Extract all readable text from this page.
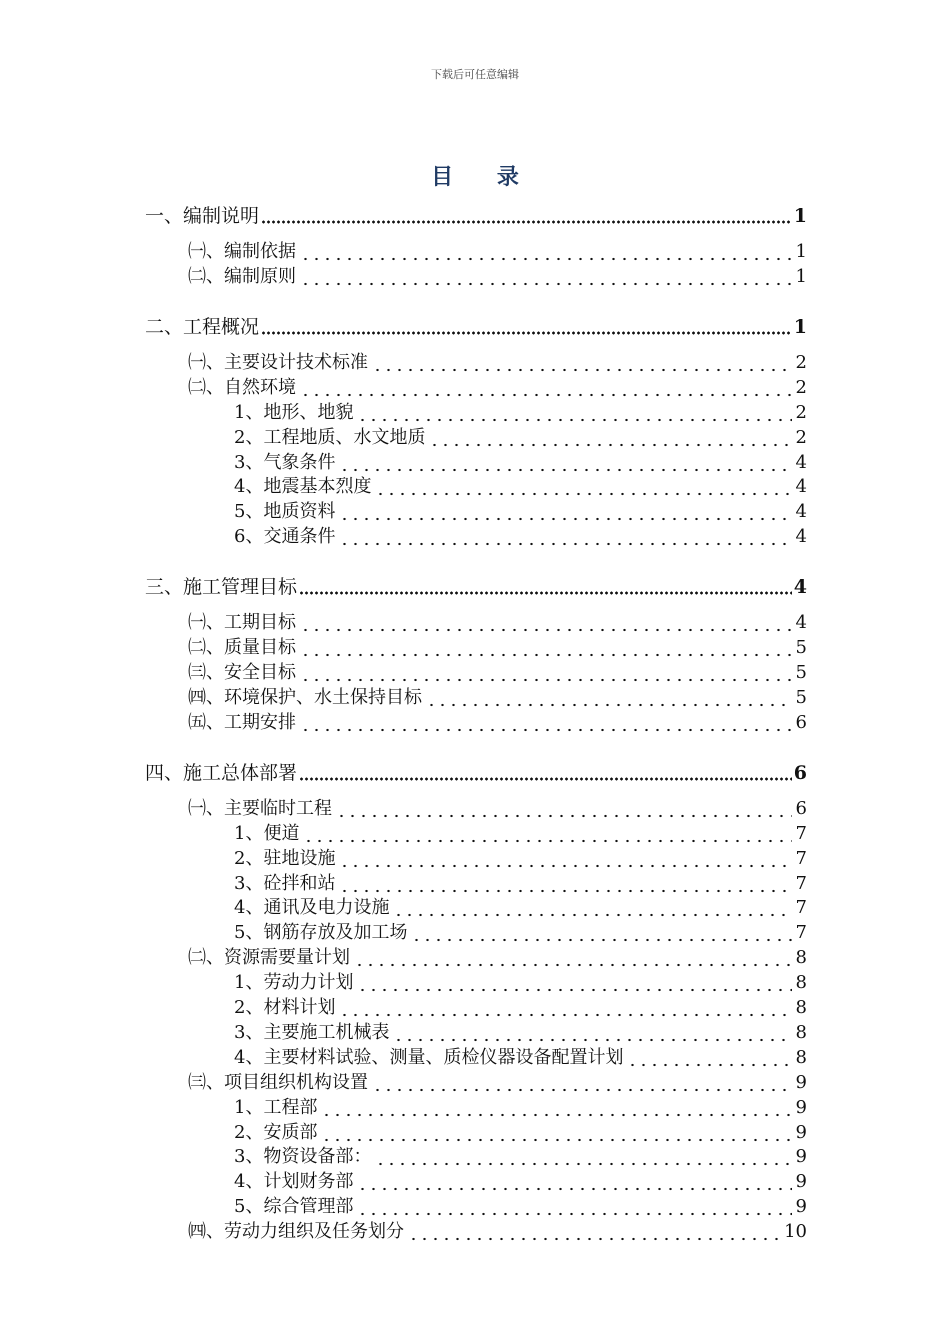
下载后可任意编辑
目 录
一、编制说明	1
㈠、编制依据	1
㈡、编制原则	1
二、工程概况	1
㈠、主要设计技术标准	2
㈡、自然环境	2
1、地形、地貌	2
2、工程地质、水文地质	2
3、气象条件	4
4、地震基本烈度	4
5、地质资料	4
6、交通条件	4
三、施工管理目标	4
㈠、工期目标	4
㈡、质量目标	5
㈢、安全目标	5
㈣、环境保护、水土保持目标	5
㈤、工期安排	6
四、施工总体部署	6
㈠、主要临时工程	6
1、便道	7
2、驻地设施	7
3、砼拌和站	7
4、通讯及电力设施	7
5、钢筋存放及加工场	7
㈡、资源需要量计划	8
1、劳动力计划	8
2、材料计划	8
3、主要施工机械表	8
4、主要材料试验、测量、质检仪器设备配置计划	8
㈢、项目组织机构设置	9
1、工程部	9
2、安质部	9
3、物资设备部：	9
4、计划财务部	9
5、综合管理部	9
㈣、劳动力组织及任务划分	10
